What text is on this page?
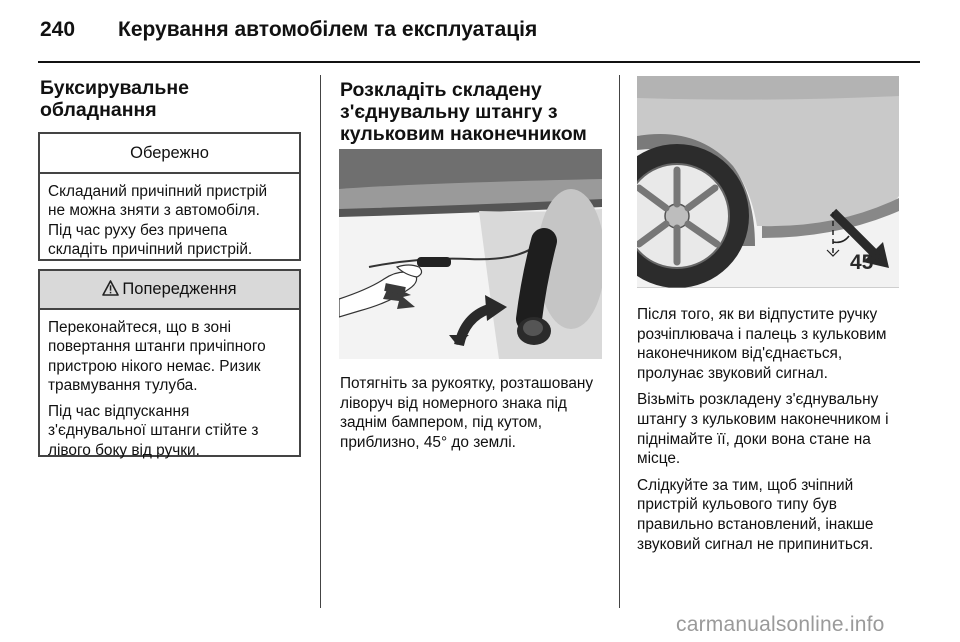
240 Керування автомобілем та експлуатація
Буксирувальне
обладнання
Обережно
Складаний причіпний пристрій
не можна зняти з автомобіля.
Під час руху без причепа
складіть причіпний пристрій.
Попередження

Переконайтеся, що в зоні
повертання штанги причіпного
пристрою нікого немає. Ризик
травмування тулуба.

Під час відпускання
з'єднувальної штанги стійте з
лівого боку від ручки.

Розкладіть складену
з'єднувальну штангу з
кульковим наконечником
Потягніть за рукоятку, розташовану
ліворуч від номерного знака під
заднім бампером, під кутом,
приблизно, 45° до землі.
45°

Після того, як ви відпустите ручку
розчіплювача і палець з кульковим
наконечником від'єднається,
пролунає звуковий сигнал.

Візьміть розкладену з'єднувальну
штангу з кульковим наконечником і
піднімайте її, доки вона стане на
місце.

Слідкуйте за тим, щоб зчіпний
пристрій кульового типу був
правильно встановлений, інакше
звуковий сигнал не припиниться.

carmanualsonline.info
